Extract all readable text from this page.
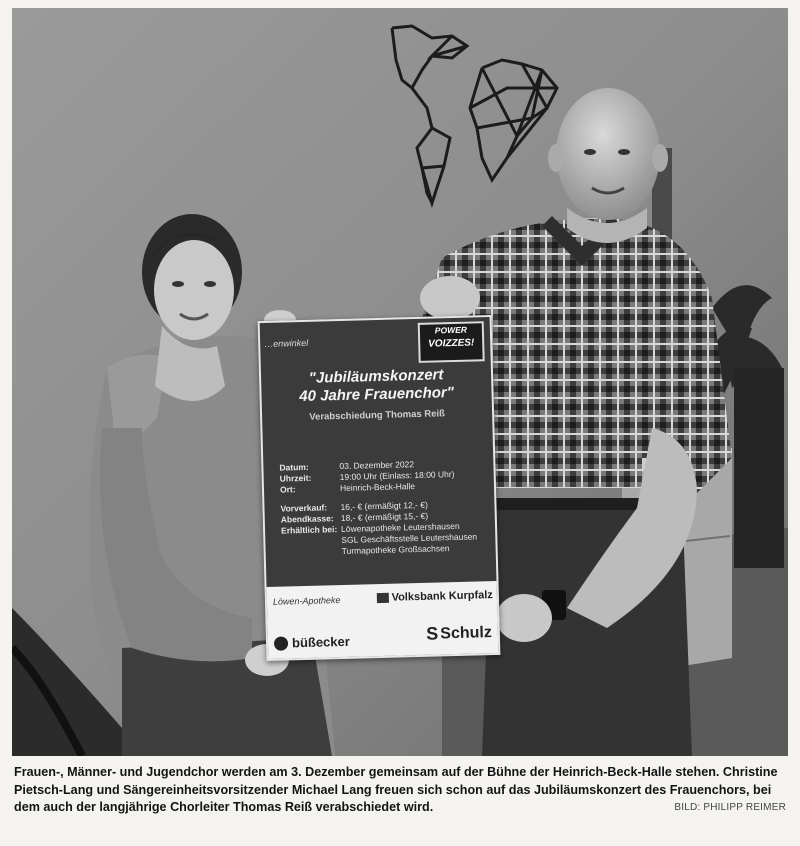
…enwinkel
POWER
VOIZZES!
"Jubiläumskonzert
40 Jahre Frauenchor"
Verabschiedung Thomas Reiß
Datum:	03. Dezember 2022
Uhrzeit:	19:00 Uhr (Einlass: 18:00 Uhr)
Ort:	Heinrich-Beck-Halle
Vorverkauf:	16,- € (ermäßigt 12,- €)
Abendkasse: 18,- € (ermäßigt 15,- €)
Erhältlich bei: Löwenapotheke Leutershausen
SGL Geschäftsstelle Leutershausen
Turmapotheke Großsachsen
Löwen-Apotheke	Volksbank Kurpfalz
büßecker	S Schulz

Frauen-, Männer- und Jugendchor werden am 3. Dezember gemeinsam auf der Bühne der Heinrich-Beck-Halle stehen. Christine Pietsch-Lang und Sängereinheitsvorsitzender Michael Lang freuen sich schon auf das Jubiläumskonzert des Frauenchors, bei dem auch der langjährige Chorleiter Thomas Reiß verabschiedet wird.	BILD: PHILIPP REIMER
